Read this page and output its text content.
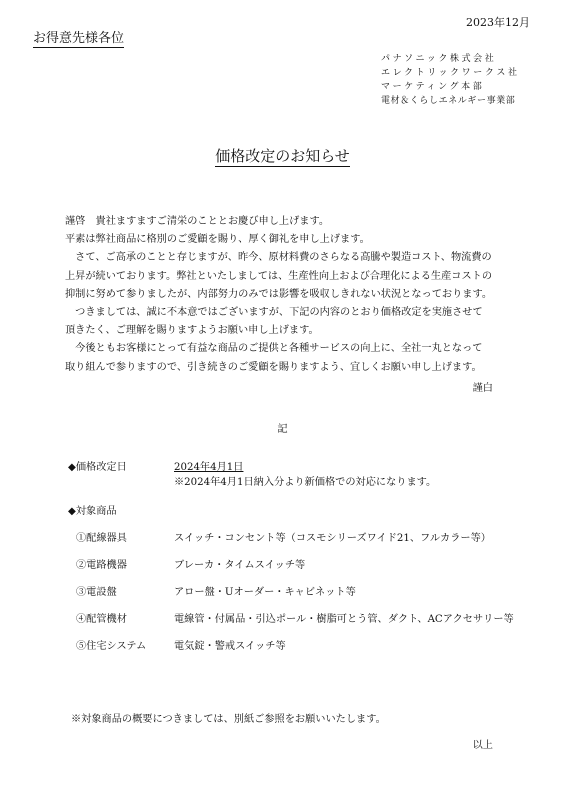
2023年12月
お得意先様各位
パナソニック株式会社
エレクトリックワークス社
マーケティング本部
電材＆くらしエネルギー事業部
価格改定のお知らせ

謹啓　貴社ますますご清栄のこととお慶び申し上げます。

平素は弊社商品に格別のご愛顧を賜り、厚く御礼を申し上げます。

　さて、ご高承のことと存じますが、昨今、原材料費のさらなる高騰や製造コスト、物流費の

上昇が続いております。弊社といたしましては、生産性向上および合理化による生産コストの

抑制に努めて参りましたが、内部努力のみでは影響を吸収しきれない状況となっております。

　つきましては、誠に不本意ではございますが、下記の内容のとおり価格改定を実施させて

頂きたく、ご理解を賜りますようお願い申し上げます。

　今後ともお客様にとって有益な商品のご提供と各種サービスの向上に、全社一丸となって

取り組んで参りますので、引き続きのご愛顧を賜りますよう、宜しくお願い申し上げます。

謹白
記
◆価格改定日	2024年4月1日
※2024年4月1日納入分より新価格での対応になります。
◆対象商品
①配線器具	スイッチ・コンセント等（コスモシリーズワイド21、フルカラー等）
②電路機器	ブレーカ・タイムスイッチ等
③電設盤	アロー盤・Uオーダー・キャビネット等
④配管機材	電線管・付属品・引込ポール・樹脂可とう管、ダクト、ACアクセサリー等
⑤住宅システム	電気錠・警戒スイッチ等
※対象商品の概要につきましては、別紙ご参照をお願いいたします。
以上
